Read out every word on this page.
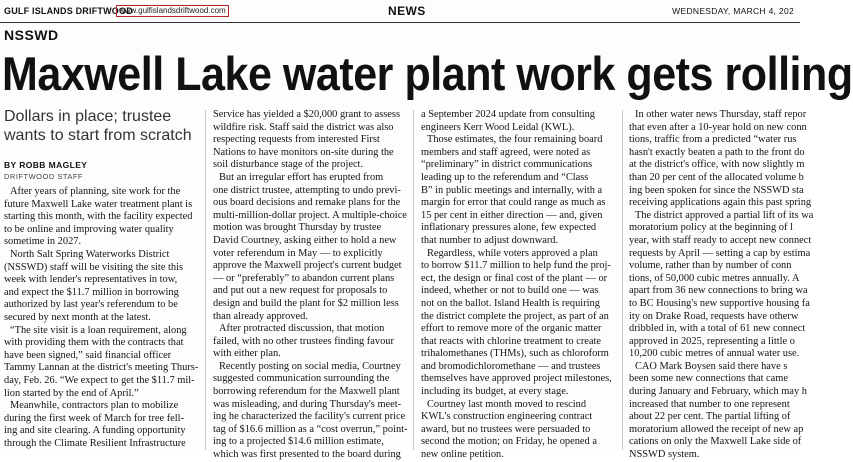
GULF ISLANDS DRIFTWOOD
www.gulfislandsdriftwood.com	NEWS	WEDNESDAY, MARCH 4, 202
NSSWD
Maxwell Lake water plant work gets rolling
Dollars in place; trustee
wants to start from scratch
BY ROBB MAGLEY
DRIFTWOOD STAFF
After years of planning, site work for the
future Maxwell Lake water treatment plant is
starting this month, with the facility expected
to be online and improving water quality
sometime in 2027.
North Salt Spring Waterworks District
(NSSWD) staff will be visiting the site this
week with lender's representatives in tow,
and expect the $11.7 million in borrowing
authorized by last year's referendum to be
secured by next month at the latest.
“The site visit is a loan requirement, along
with providing them with the contracts that
have been signed,” said financial officer
Tammy Lannan at the district's meeting Thurs-
day, Feb. 26. “We expect to get the $11.7 mil-
lion started by the end of April.”
Meanwhile, contractors plan to mobilize
during the first week of March for tree fell-
ing and site clearing. A funding opportunity
through the Climate Resilient Infrastructure
Service has yielded a $20,000 grant to assess
wildfire risk. Staff said the district was also
respecting requests from interested First
Nations to have monitors on-site during the
soil disturbance stage of the project.
But an irregular effort has erupted from
one district trustee, attempting to undo previ-
ous board decisions and remake plans for the
multi-million-dollar project. A multiple-choice
motion was brought Thursday by trustee
David Courtney, asking either to hold a new
voter referendum in May — to explicitly
approve the Maxwell project's current budget
— or “preferably” to abandon current plans
and put out a new request for proposals to
design and build the plant for $2 million less
than already approved.
After protracted discussion, that motion
failed, with no other trustees finding favour
with either plan.
Recently posting on social media, Courtney
suggested communication surrounding the
borrowing referendum for the Maxwell plant
was misleading, and during Thursday's meet-
ing he characterized the facility's current price
tag of $16.6 million as a “cost overrun,” point-
ing to a projected $14.6 million estimate,
which was first presented to the board during
a September 2024 update from consulting
engineers Kerr Wood Leidal (KWL).
Those estimates, the four remaining board
members and staff agreed, were noted as
“preliminary” in district communications
leading up to the referendum and “Class
B” in public meetings and internally, with a
margin for error that could range as much as
15 per cent in either direction — and, given
inflationary pressures alone, few expected
that number to adjust downward.
Regardless, while voters approved a plan
to borrow $11.7 million to help fund the proj-
ect, the design or final cost of the plant — or
indeed, whether or not to build one — was
not on the ballot. Island Health is requiring
the district complete the project, as part of an
effort to remove more of the organic matter
that reacts with chlorine treatment to create
trihalomethanes (THMs), such as chloroform
and bromodichloromethane — and trustees
themselves have approved project milestones,
including its budget, at every stage.
Courtney last month moved to rescind
KWL's construction engineering contract
award, but no trustees were persuaded to
second the motion; on Friday, he opened a
new online petition.
In other water news Thursday, staff repor
that even after a 10-year hold on new conn
tions, traffic from a predicted “water rus
hasn't exactly beaten a path to the front do
at the district's office, with now slightly m
than 20 per cent of the allocated volume b
ing been spoken for since the NSSWD sta
receiving applications again this past spring
The district approved a partial lift of its wa
moratorium policy at the beginning of l
year, with staff ready to accept new connect
requests by April — setting a cap by estima
volume, rather than by number of conn
tions, of 50,000 cubic metres annually. A
apart from 36 new connections to bring wa
to BC Housing's new supportive housing fa
ity on Drake Road, requests have otherw
dribbled in, with a total of 61 new connect
approved in 2025, representing a little o
10,200 cubic metres of annual water use.
CAO Mark Boysen said there have s
been some new connections that came
during January and February, which may h
increased that number to one represent
about 22 per cent. The partial lifting of
moratorium allowed the receipt of new ap
cations on only the Maxwell Lake side of
NSSWD system.
